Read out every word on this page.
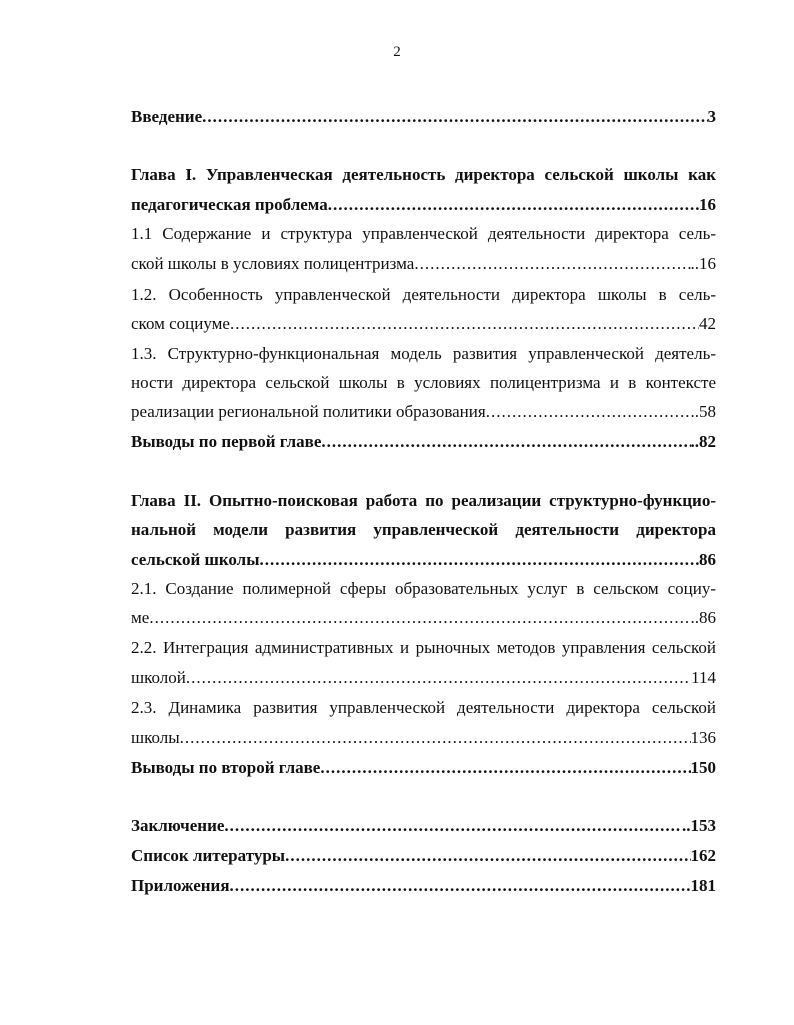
2
Введение .....	3
Глава I. Управленческая деятельность директора сельской школы как
педагогическая проблема .....	16
1.1 Содержание и структура управленческой деятельности директора сель-
ской школы в условиях полицентризма .....	..16
1.2. Особенность управленческой деятельности директора школы в сель-
ском социуме .....	42
1.3. Структурно-функциональная модель развития управленческой деятель-
ности директора сельской школы в условиях полицентризма и в контексте
реализации региональной политики образования .....	..58
Выводы по первой главе .....	..82
Глава II. Опытно-поисковая работа по реализации структурно-функцио-
нальной модели развития управленческой деятельности директора
сельской школы .....	86
2.1. Создание полимерной сферы образовательных услуг в сельском социу-
ме .....	..86
2.2. Интеграция административных и рыночных методов управления сельской
школой .....	114
2.3. Динамика развития управленческой деятельности директора сельской
школы .....	136
Выводы по второй главе .....	150
Заключение .....	..153
Список литературы .....	162
Приложения .....	181
